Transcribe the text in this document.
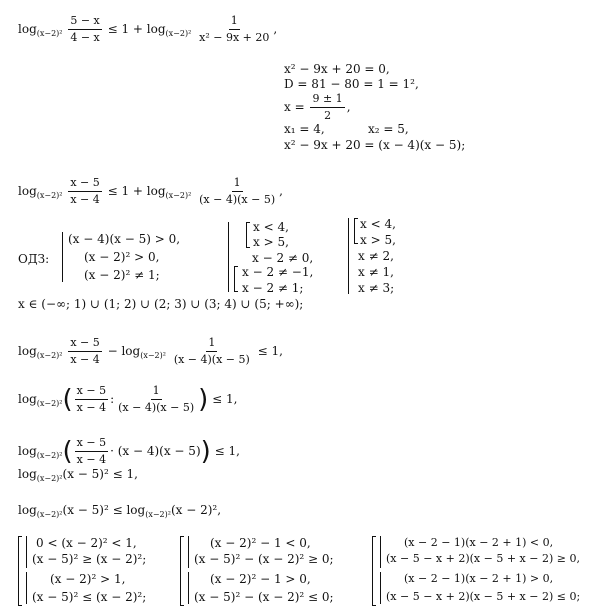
$\log_{(x-2)^2} \frac{5 - x}{4 - x} \le 1 + \log_{(x-2)^2} \frac{1}{\text{x² − 9x + 20}}$ ,
x² − 9x + 20 = 0,
D = 81 − 80 = 1 = 1²,
$x = \frac{9 \pm 1}{2}$ ,
x₁ = 4,	x₂ = 5,
x² − 9x + 20 = (x − 4)(x − 5);
$\log_{(x-2)^2} \frac{x - 5}{x - 4} \le 1 + \log_{(x-2)^2} \frac{1}{(x - 4)(x - 5)}$ ,
ОДЗ:
(x − 4)(x − 5) > 0,
(x − 2)² > 0,
(x − 2)² ≠ 1;
x < 4,
x > 5,
x − 2 ≠ 0,
x − 2 ≠ −1,
x − 2 ≠ 1;
x < 4,
x > 5,
x ≠ 2,
x ≠ 1,
x ≠ 3;
x ∈ (−∞; 1) ∪ (1; 2) ∪ (2; 3) ∪ (3; 4) ∪ (5; +∞);
$\log_{(x-2)^2} \frac{x - 5}{x - 4} - \log_{(x-2)^2} \frac{1}{(x - 4)(x - 5)} \le 1$,
$\log_{(x-2)^2}( \frac{x - 5}{x - 4}$ : $\frac{1}{(x - 4)(x - 5)}$ ) ≤ 1,
$\log_{(x-2)^2}( \frac{x - 5}{x - 4} \cdot (x - 4)(x - 5)) \le 1$,
$\log_{(x-2)^2}(x - 5)^2 \le 1$,
$\log_{(x-2)^2}(x - 5)^2 \le \log_{(x-2)^2}(x - 2)^2$,
0 < (x − 2)² < 1,
(x − 5)² ≥ (x − 2)²;
(x − 2)² > 1,
(x − 5)² ≤ (x − 2)²;
(x − 2)² − 1 < 0,
(x − 5)² − (x − 2)² ≥ 0;
(x − 2)² − 1 > 0,
(x − 5)² − (x − 2)² ≤ 0;
(x − 2 − 1)(x − 2 + 1) < 0,
(x − 5 − x + 2)(x − 5 + x − 2) ≥ 0,
(x − 2 − 1)(x − 2 + 1) > 0,
(x − 5 − x + 2)(x − 5 + x − 2) ≤ 0;
